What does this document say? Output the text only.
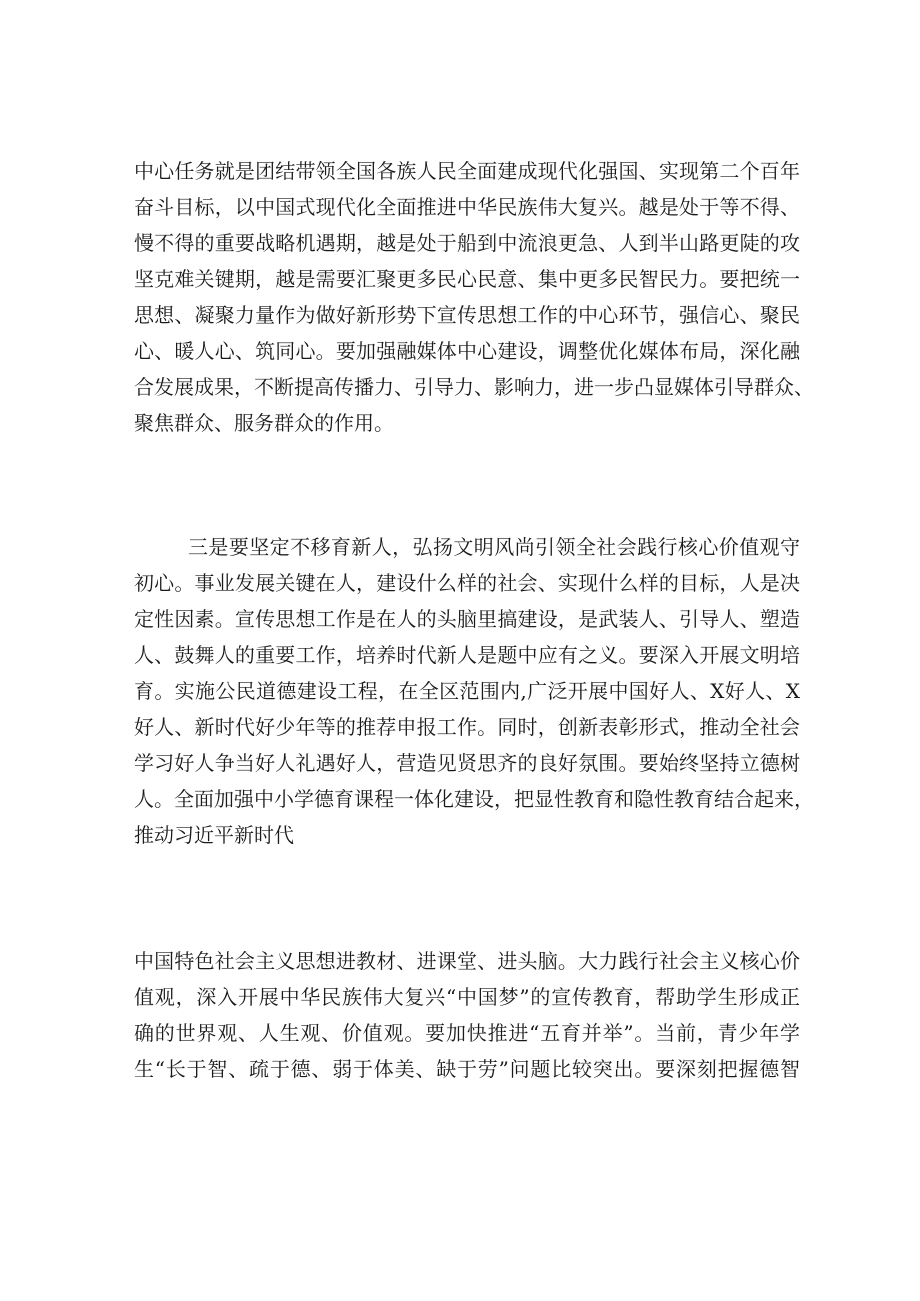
中心任务就是团结带领全国各族人民全面建成现代化强国、实现第二个百年
奋斗目标，以中国式现代化全面推进中华民族伟大复兴。越是处于等不得、
慢不得的重要战略机遇期，越是处于船到中流浪更急、人到半山路更陡的攻
坚克难关键期，越是需要汇聚更多民心民意、集中更多民智民力。要把统一
思想、凝聚力量作为做好新形势下宣传思想工作的中心环节，强信心、聚民
心、暖人心、筑同心。要加强融媒体中心建设，调整优化媒体布局，深化融
合发展成果，不断提高传播力、引导力、影响力，进一步凸显媒体引导群众、
聚焦群众、服务群众的作用。
三是要坚定不移育新人，弘扬文明风尚引领全社会践行核心价值观守
初心。事业发展关键在人，建设什么样的社会、实现什么样的目标，人是决
定性因素。宣传思想工作是在人的头脑里搞建设，是武装人、引导人、塑造
人、鼓舞人的重要工作，培养时代新人是题中应有之义。要深入开展文明培
育。实施公民道德建设工程，在全区范围内,广泛开展中国好人、X好人、X
好人、新时代好少年等的推荐申报工作。同时，创新表彰形式，推动全社会
学习好人争当好人礼遇好人，营造见贤思齐的良好氛围。要始终坚持立德树
人。全面加强中小学德育课程一体化建设，把显性教育和隐性教育结合起来，
推动习近平新时代
中国特色社会主义思想进教材、进课堂、进头脑。大力践行社会主义核心价
值观，深入开展中华民族伟大复兴“中国梦”的宣传教育，帮助学生形成正
确的世界观、人生观、价值观。要加快推进“五育并举”。当前，青少年学
生“长于智、疏于德、弱于体美、缺于劳”问题比较突出。要深刻把握德智
